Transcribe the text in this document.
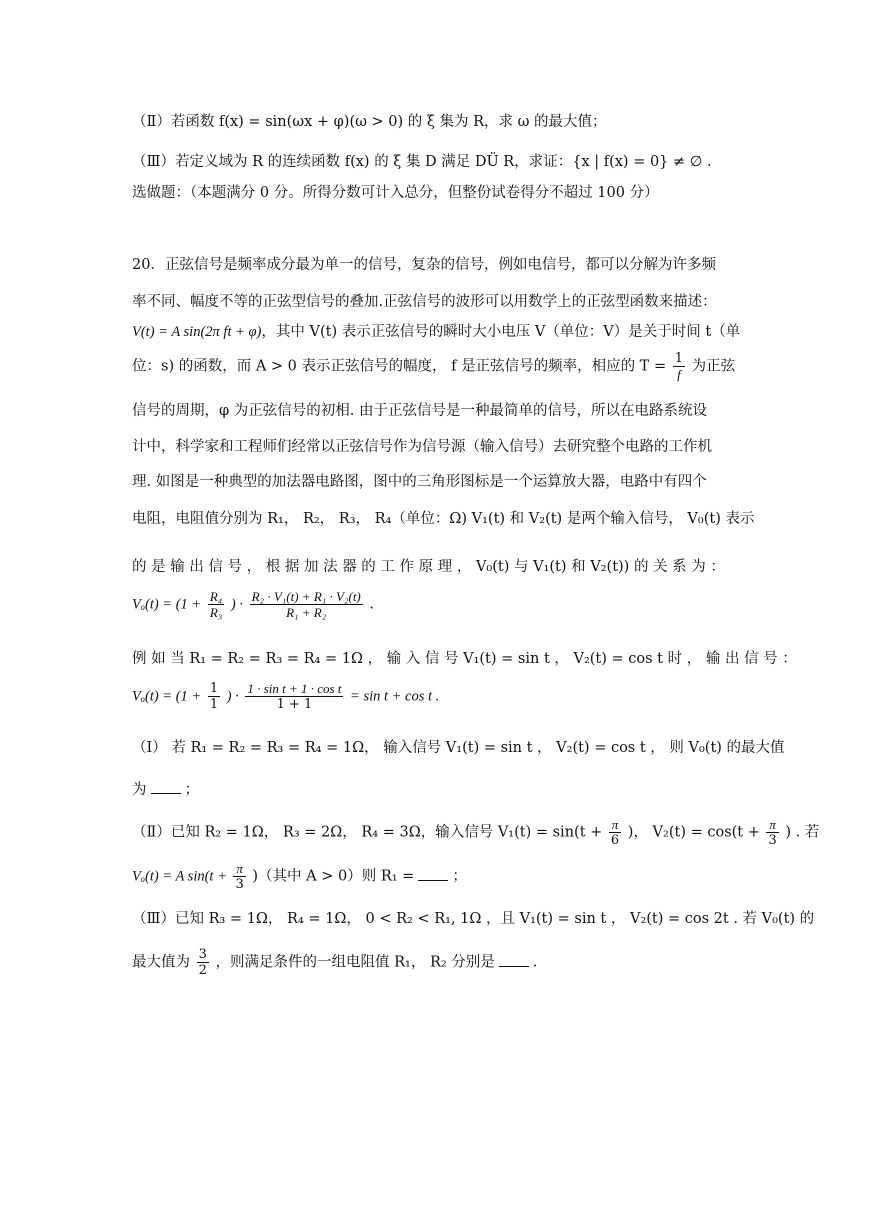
（Ⅱ）若函数 f(x) = sin(ωx + φ)(ω > 0) 的 ξ 集为 R，求 ω 的最大值；
（Ⅲ）若定义域为 R 的连续函数 f(x) 的 ξ 集 D 满足 DÜ R，求证：{x | f(x) = 0} ≠ ∅ .
选做题：（本题满分 0 分。所得分数可计入总分，但整份试卷得分不超过 100 分）
20．正弦信号是频率成分最为单一的信号，复杂的信号，例如电信号，都可以分解为许多频
率不同、幅度不等的正弦型信号的叠加.正弦信号的波形可以用数学上的正弦型函数来描述：
V(t) = A sin(2π ft + φ)，其中 V(t) 表示正弦信号的瞬时大小电压 V（单位：V）是关于时间 t（单
位：s) 的函数，而 A > 0 表示正弦信号的幅度， f 是正弦信号的频率，相应的 $T = \frac{1}{f}$ 为正弦
信号的周期，φ 为正弦信号的初相. 由于正弦信号是一种最简单的信号，所以在电路系统设
计中，科学家和工程师们经常以正弦信号作为信号源（输入信号）去研究整个电路的工作机
理. 如图是一种典型的加法器电路图，图中的三角形图标是一个运算放大器，电路中有四个
电阻，电阻值分别为 R₁， R₂， R₃， R₄（单位：Ω) V₁(t) 和 V₂(t) 是两个输入信号， V₀(t) 表示
的 是 输 出 信 号 ， 根 据 加 法 器 的 工 作 原 理 ， V₀(t) 与 V₁(t) 和 V₂(t)) 的 关 系 为 ：
$V_o(t) = (1 + \frac{\text{R₄}}{\text{R₃}}$ ) · $\frac{\text{R₂ · V₁(t) + R₁ · V₂(t)}}{\text{R₁ + R₂}}$ .
例 如 当 R₁ = R₂ = R₃ = R₄ = 1Ω ， 输 入 信 号 V₁(t) = sin t ， V₂(t) = cos t 时 ， 输 出 信 号 ：
$V_o(t) = (1 + \frac{1}{1}$ ) · $\frac{\text{1 · sin t + 1 · cos t}}{1 + 1} = \sin t + \cos t$ .
（Ⅰ） 若 R₁ = R₂ = R₃ = R₄ = 1Ω， 输入信号 V₁(t) = sin t ， V₂(t) = cos t ， 则 V₀(t) 的最大值
为	；
（Ⅱ）已知 R₂ = 1Ω， R₃ = 2Ω， R₄ = 3Ω，输入信号 $V_1(t) = \sin(t + \frac{\pi}{6}$ )， $V_2(t) = \cos(t + \frac{\pi}{3}$ ) . 若
Vₒ(t) = A $\sin(t + \frac{\pi}{3}$ )（其中 A > 0）则 R₁ =	；
（Ⅲ）已知 R₃ = 1Ω， R₄ = 1Ω， 0 < R₂ < R₁, 1Ω ，且 V₁(t) = sin t ， V₂(t) = cos 2t . 若 V₀(t) 的
最大值为 $\frac{3}{2}$ ，则满足条件的一组电阻值 R₁， R₂ 分别是	.
